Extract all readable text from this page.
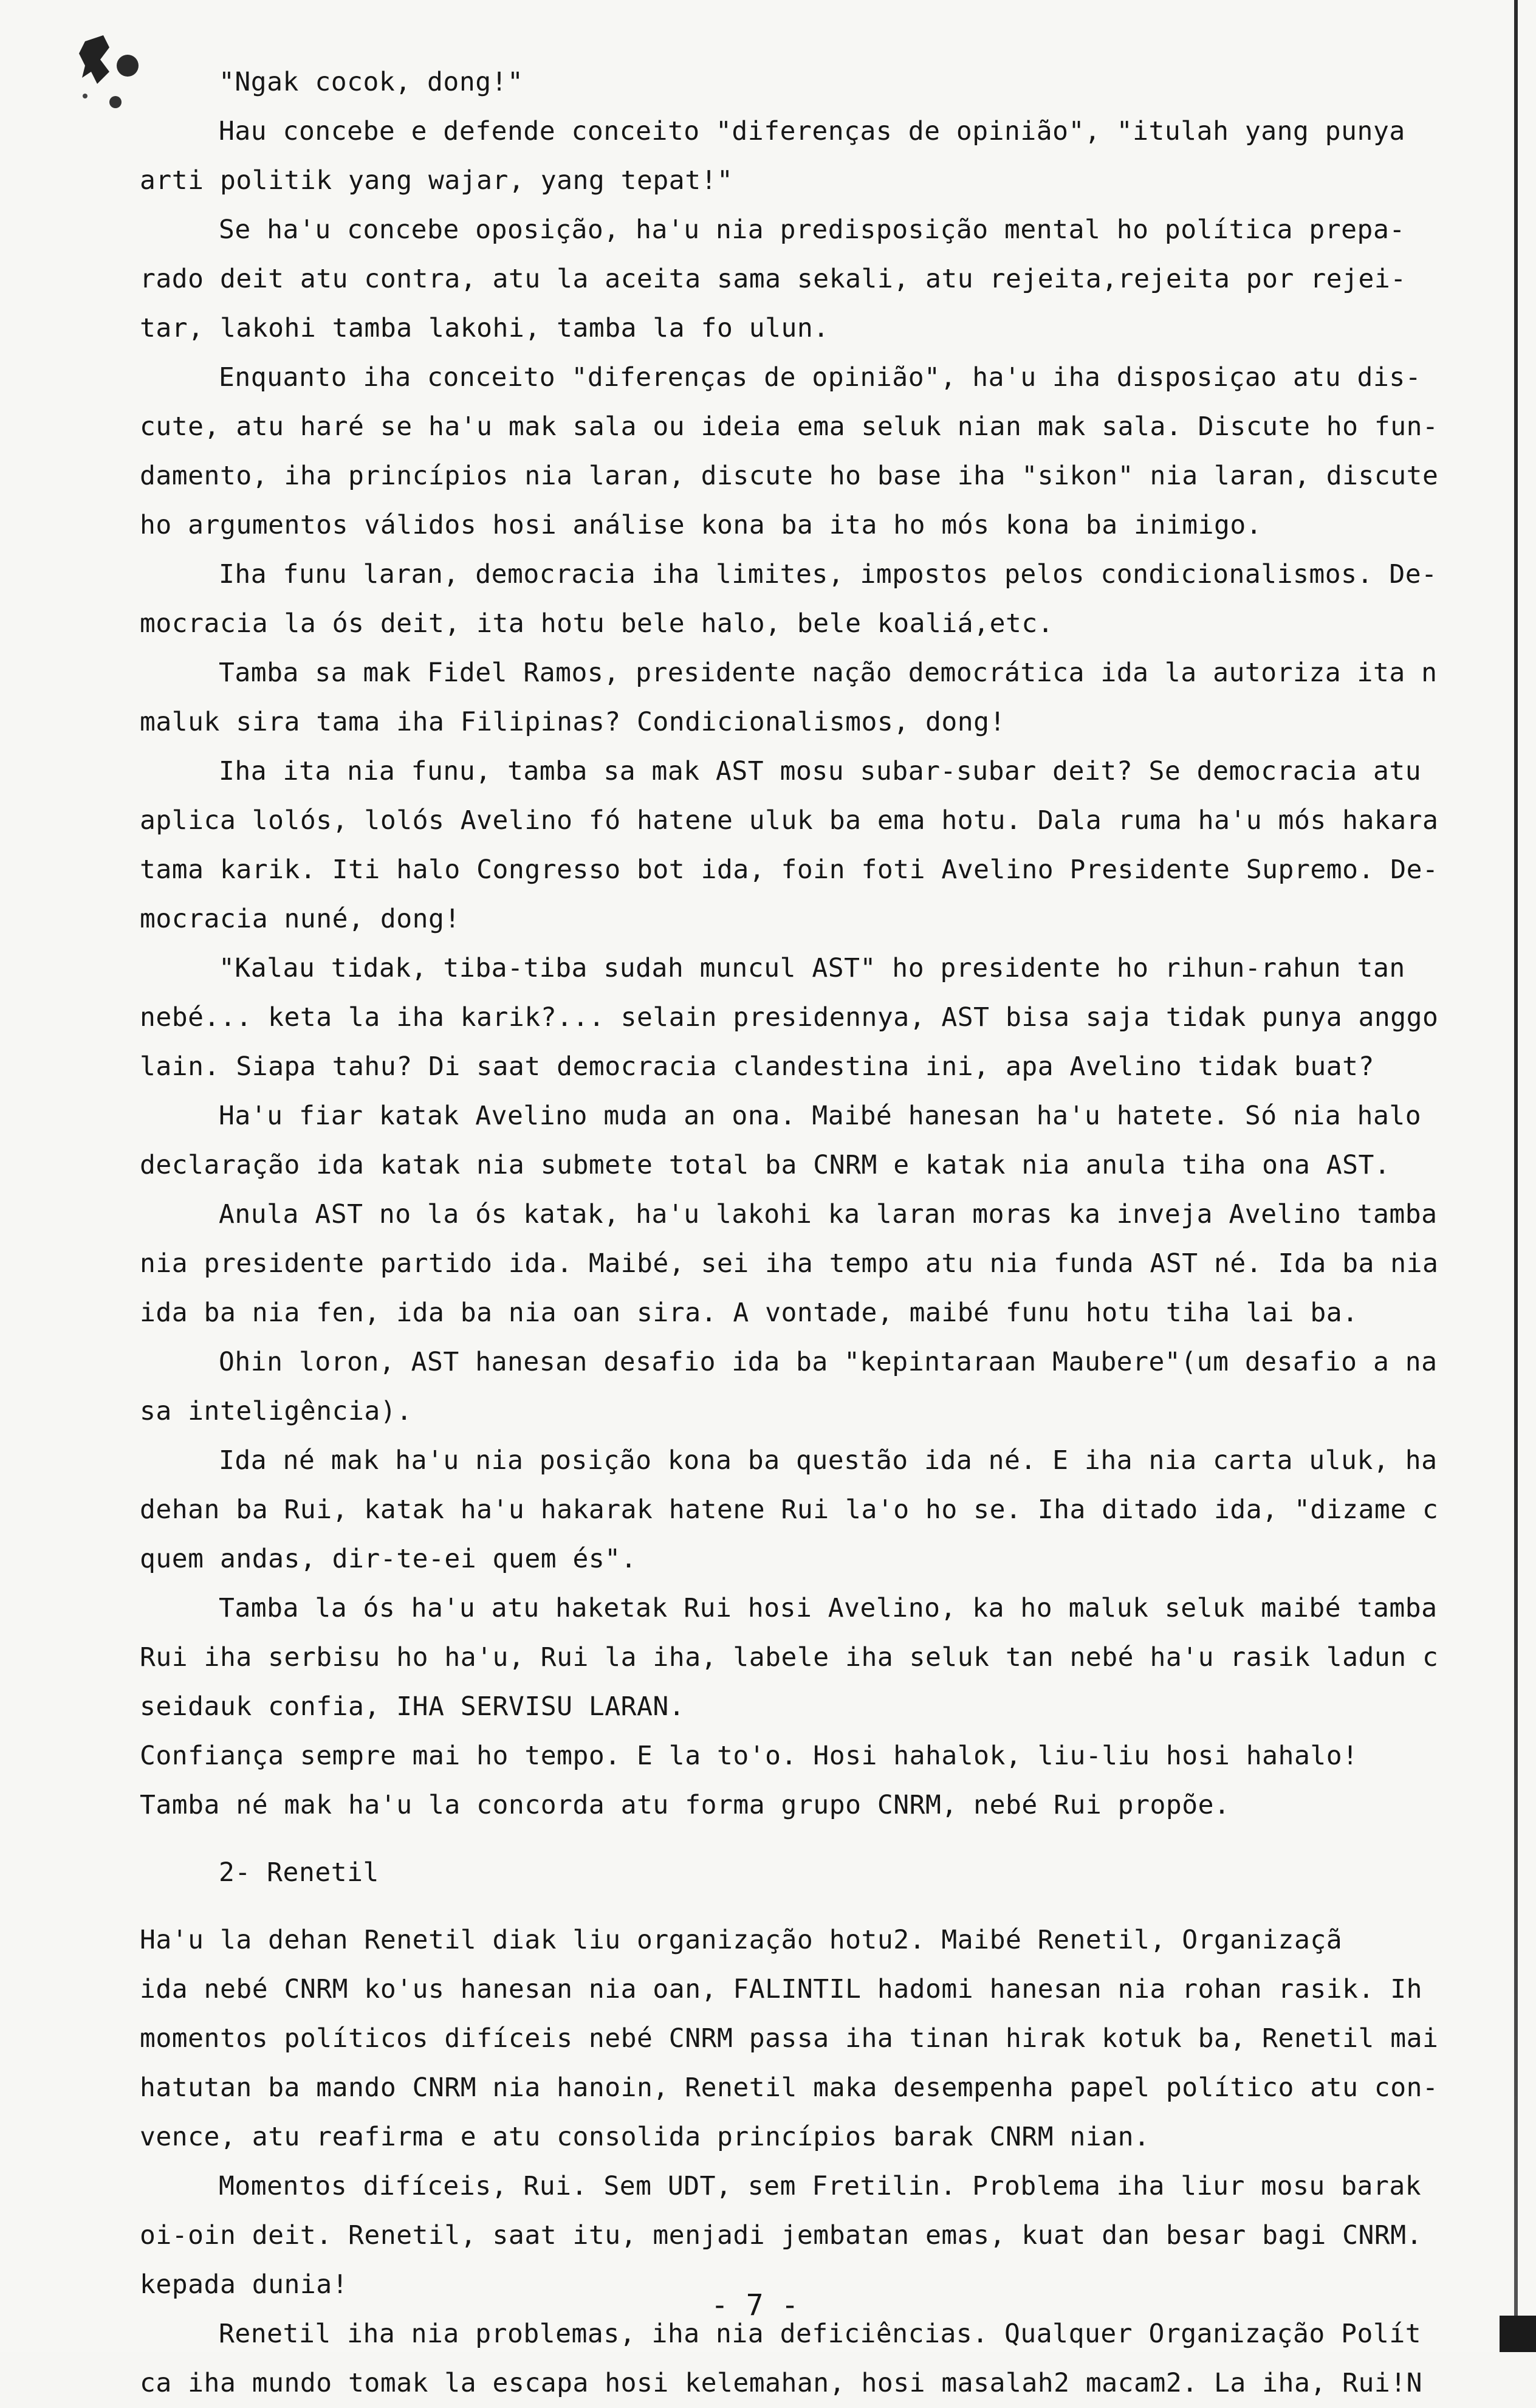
"Ngak cocok, dong!"
Hau concebe e defende conceito "diferenças de opinião", "itulah yang punya
arti politik yang wajar, yang tepat!"
Se ha'u concebe oposição, ha'u nia predisposição mental ho política prepa-
rado deit atu contra, atu la aceita sama sekali, atu rejeita,rejeita por rejei-
tar, lakohi tamba lakohi, tamba la fo ulun.
Enquanto iha conceito "diferenças de opinião", ha'u iha disposiçao atu dis-
cute, atu haré se ha'u mak sala ou ideia ema seluk nian mak sala. Discute ho fun-
damento, iha princípios nia laran, discute ho base iha "sikon" nia laran, discute
ho argumentos válidos hosi análise kona ba ita ho mós kona ba inimigo.
Iha funu laran, democracia iha limites, impostos pelos condicionalismos. De-
mocracia la ós deit, ita hotu bele halo, bele koaliá,etc.
Tamba sa mak Fidel Ramos, presidente nação democrática ida la autoriza ita n
maluk sira tama iha Filipinas? Condicionalismos, dong!
Iha ita nia funu, tamba sa mak AST mosu subar-subar deit? Se democracia atu
aplica lolós, lolós Avelino fó hatene uluk ba ema hotu. Dala ruma ha'u mós hakara
tama karik. Iti halo Congresso bot ida, foin foti Avelino Presidente Supremo. De-
mocracia nuné, dong!
"Kalau tidak, tiba-tiba sudah muncul AST" ho presidente ho rihun-rahun tan
nebé... keta la iha karik?... selain presidennya, AST bisa saja tidak punya anggo
lain. Siapa tahu? Di saat democracia clandestina ini, apa Avelino tidak buat?
Ha'u fiar katak Avelino muda an ona. Maibé hanesan ha'u hatete. Só nia halo
declaração ida katak nia submete total ba CNRM e katak nia anula tiha ona AST.
Anula AST no la ós katak, ha'u lakohi ka laran moras ka inveja Avelino tamba
nia presidente partido ida. Maibé, sei iha tempo atu nia funda AST né. Ida ba nia
ida ba nia fen, ida ba nia oan sira. A vontade, maibé funu hotu tiha lai ba.
Ohin loron, AST hanesan desafio ida ba "kepintaraan Maubere"(um desafio a na
sa inteligência).
Ida né mak ha'u nia posição kona ba questão ida né. E iha nia carta uluk, ha
dehan ba Rui, katak ha'u hakarak hatene Rui la'o ho se. Iha ditado ida, "dizame c
quem andas, dir-te-ei quem és".
Tamba la ós ha'u atu haketak Rui hosi Avelino, ka ho maluk seluk maibé tamba
Rui iha serbisu ho ha'u, Rui la iha, labele iha seluk tan nebé ha'u rasik ladun c
seidauk confia, IHA SERVISU LARAN.
Confiança sempre mai ho tempo. E la to'o. Hosi hahalok, liu-liu hosi hahalo!
Tamba né mak ha'u la concorda atu forma grupo CNRM, nebé Rui propõe.
2- Renetil
Ha'u la dehan Renetil diak liu organização hotu2. Maibé Renetil, Organizaçã
ida nebé CNRM ko'us hanesan nia oan, FALINTIL hadomi hanesan nia rohan rasik. Ih
momentos políticos difíceis nebé CNRM passa iha tinan hirak kotuk ba, Renetil mai
hatutan ba mando CNRM nia hanoin, Renetil maka desempenha papel político atu con-
vence, atu reafirma e atu consolida princípios barak CNRM nian.
Momentos difíceis, Rui. Sem UDT, sem Fretilin. Problema iha liur mosu barak
oi-oin deit. Renetil, saat itu, menjadi jembatan emas, kuat dan besar bagi CNRM.
kepada dunia!
Renetil iha nia problemas, iha nia deficiências. Qualquer Organização Polít
ca iha mundo tomak la escapa hosi kelemahan, hosi masalah2 macam2. La iha, Rui!N
- 7 -
